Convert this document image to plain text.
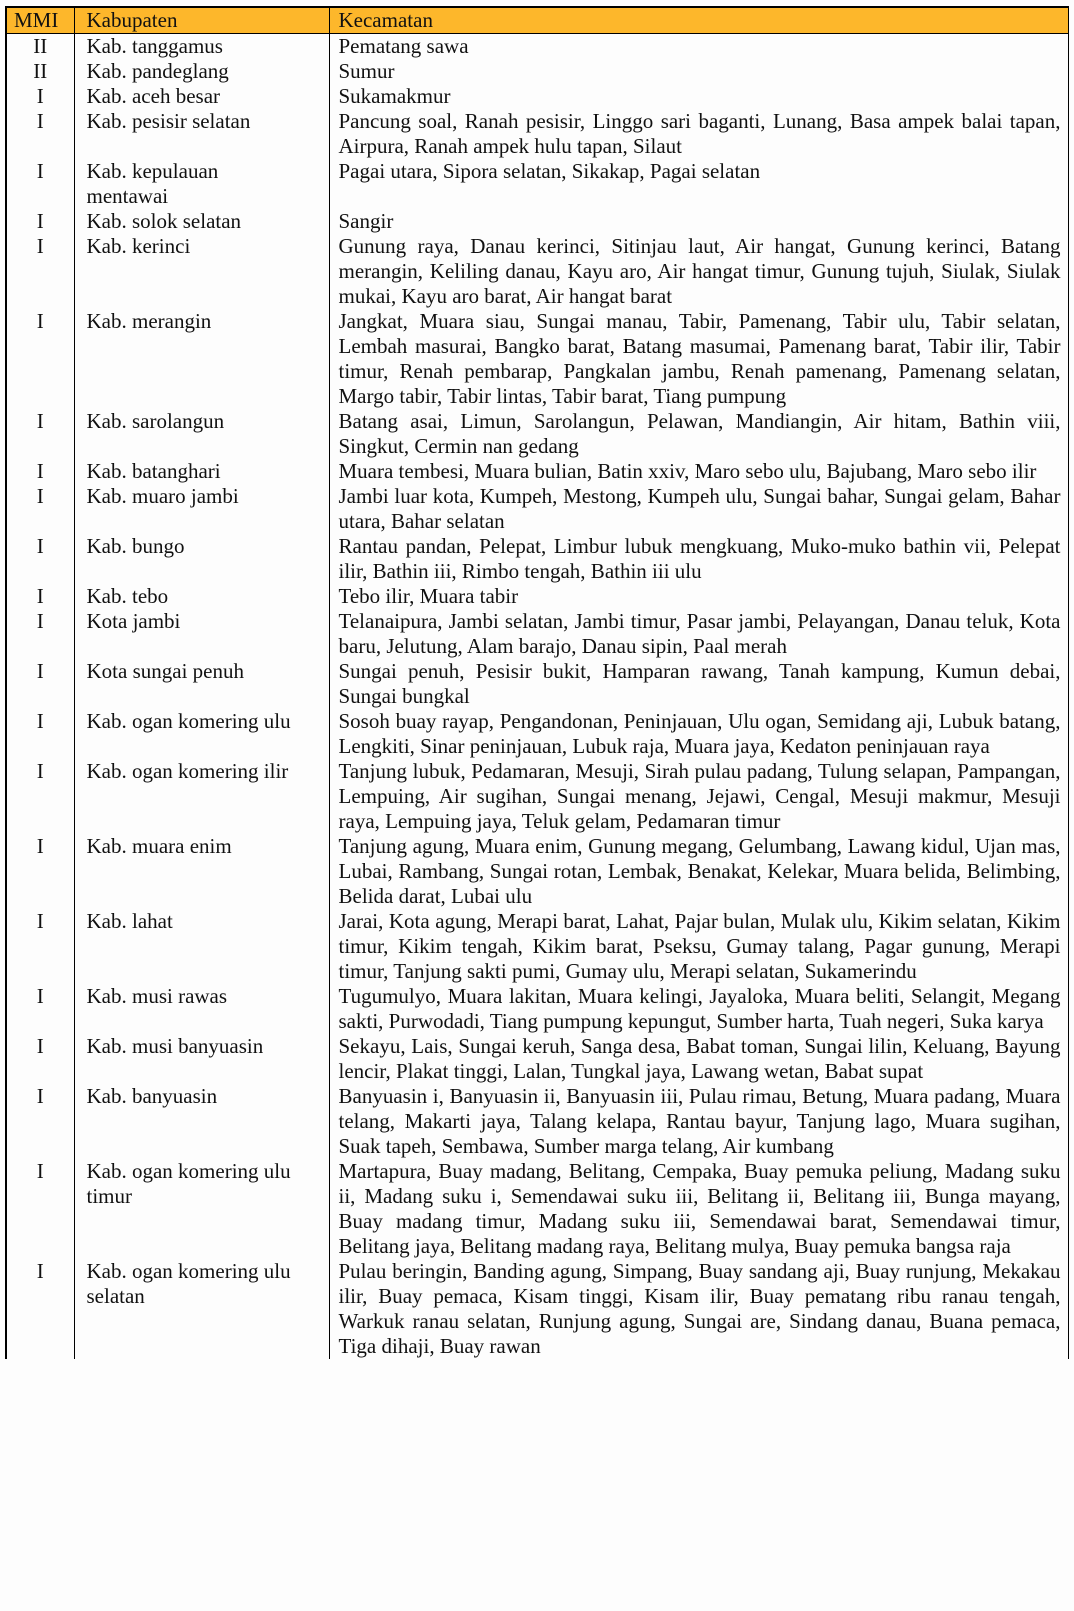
MMI	Kabupaten	Kecamatan
II	Kab. tanggamus	Pematang sawa
II	Kab. pandeglang	Sumur
I	Kab. aceh besar	Sukamakmur
I	Kab. pesisir selatan	Pancung soal, Ranah pesisir, Linggo sari baganti, Lunang, Basa ampek balai tapan, Airpura, Ranah ampek hulu tapan, Silaut
I	Kab. kepulauan mentawai	Pagai utara, Sipora selatan, Sikakap, Pagai selatan
I	Kab. solok selatan	Sangir
I	Kab. kerinci	Gunung raya, Danau kerinci, Sitinjau laut, Air hangat, Gunung kerinci, Batang merangin, Keliling danau, Kayu aro, Air hangat timur, Gunung tujuh, Siulak, Siulak mukai, Kayu aro barat, Air hangat barat
I	Kab. merangin	Jangkat, Muara siau, Sungai manau, Tabir, Pamenang, Tabir ulu, Tabir selatan, Lembah masurai, Bangko barat, Batang masumai, Pamenang barat, Tabir ilir, Tabir timur, Renah pembarap, Pangkalan jambu, Renah pamenang, Pamenang selatan, Margo tabir, Tabir lintas, Tabir barat, Tiang pumpung
I	Kab. sarolangun	Batang asai, Limun, Sarolangun, Pelawan, Mandiangin, Air hitam, Bathin viii, Singkut, Cermin nan gedang
I	Kab. batanghari	Muara tembesi, Muara bulian, Batin xxiv, Maro sebo ulu, Bajubang, Maro sebo ilir
I	Kab. muaro jambi	Jambi luar kota, Kumpeh, Mestong, Kumpeh ulu, Sungai bahar, Sungai gelam, Bahar utara, Bahar selatan
I	Kab. bungo	Rantau pandan, Pelepat, Limbur lubuk mengkuang, Muko-muko bathin vii, Pelepat ilir, Bathin iii, Rimbo tengah, Bathin iii ulu
I	Kab. tebo	Tebo ilir, Muara tabir
I	Kota jambi	Telanaipura, Jambi selatan, Jambi timur, Pasar jambi, Pelayangan, Danau teluk, Kota baru, Jelutung, Alam barajo, Danau sipin, Paal merah
I	Kota sungai penuh	Sungai penuh, Pesisir bukit, Hamparan rawang, Tanah kampung, Kumun debai, Sungai bungkal
I	Kab. ogan komering ulu	Sosoh buay rayap, Pengandonan, Peninjauan, Ulu ogan, Semidang aji, Lubuk batang, Lengkiti, Sinar peninjauan, Lubuk raja, Muara jaya, Kedaton peninjauan raya
I	Kab. ogan komering ilir	Tanjung lubuk, Pedamaran, Mesuji, Sirah pulau padang, Tulung selapan, Pampangan, Lempuing, Air sugihan, Sungai menang, Jejawi, Cengal, Mesuji makmur, Mesuji raya, Lempuing jaya, Teluk gelam, Pedamaran timur
I	Kab. muara enim	Tanjung agung, Muara enim, Gunung megang, Gelumbang, Lawang kidul, Ujan mas, Lubai, Rambang, Sungai rotan, Lembak, Benakat, Kelekar, Muara belida, Belimbing, Belida darat, Lubai ulu
I	Kab. lahat	Jarai, Kota agung, Merapi barat, Lahat, Pajar bulan, Mulak ulu, Kikim selatan, Kikim timur, Kikim tengah, Kikim barat, Pseksu, Gumay talang, Pagar gunung, Merapi timur, Tanjung sakti pumi, Gumay ulu, Merapi selatan, Sukamerindu
I	Kab. musi rawas	Tugumulyo, Muara lakitan, Muara kelingi, Jayaloka, Muara beliti, Selangit, Megang sakti, Purwodadi, Tiang pumpung kepungut, Sumber harta, Tuah negeri, Suka karya
I	Kab. musi banyuasin	Sekayu, Lais, Sungai keruh, Sanga desa, Babat toman, Sungai lilin, Keluang, Bayung lencir, Plakat tinggi, Lalan, Tungkal jaya, Lawang wetan, Babat supat
I	Kab. banyuasin	Banyuasin i, Banyuasin ii, Banyuasin iii, Pulau rimau, Betung, Muara padang, Muara telang, Makarti jaya, Talang kelapa, Rantau bayur, Tanjung lago, Muara sugihan, Suak tapeh, Sembawa, Sumber marga telang, Air kumbang
I	Kab. ogan komering ulu timur	Martapura, Buay madang, Belitang, Cempaka, Buay pemuka peliung, Madang suku ii, Madang suku i, Semendawai suku iii, Belitang ii, Belitang iii, Bunga mayang, Buay madang timur, Madang suku iii, Semendawai barat, Semendawai timur, Belitang jaya, Belitang madang raya, Belitang mulya, Buay pemuka bangsa raja
I	Kab. ogan komering ulu selatan	Pulau beringin, Banding agung, Simpang, Buay sandang aji, Buay runjung, Mekakau ilir, Buay pemaca, Kisam tinggi, Kisam ilir, Buay pematang ribu ranau tengah, Warkuk ranau selatan, Runjung agung, Sungai are, Sindang danau, Buana pemaca, Tiga dihaji, Buay rawan
